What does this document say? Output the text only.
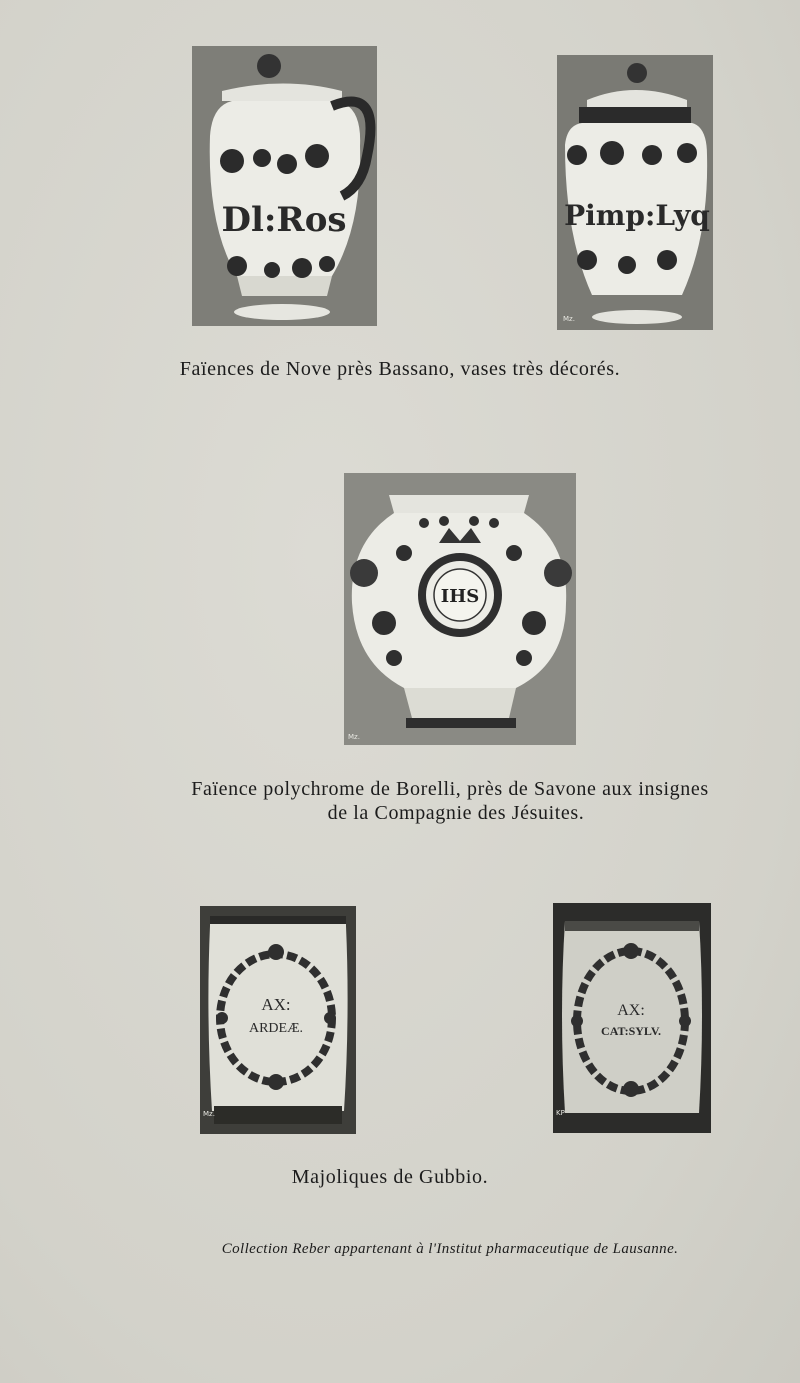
Dl:Ros	Pimp:Lyq
Mz.
Faïences de Nove près Bassano, vases très décorés.
IHS
Mz.
Faïence polychrome de Borelli, près de Savone aux insignes
de la Compagnie des Jésuites.
AX:
ARDEÆ.
Mz.
AX:
CAT:SYLV.
KP
Majoliques de Gubbio.
Collection Reber appartenant à l'Institut pharmaceutique de Lausanne.
